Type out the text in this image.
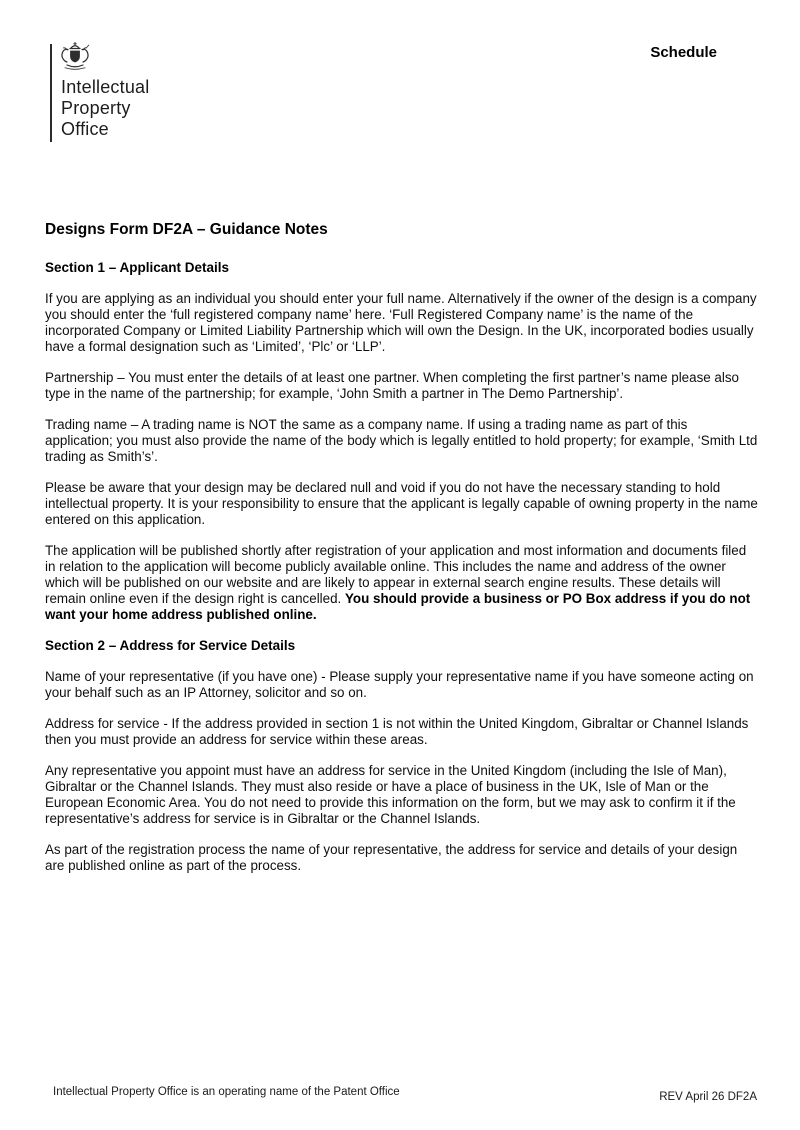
Intellectual
Property
Office
Schedule
Designs Form DF2A – Guidance Notes
Section 1 – Applicant Details

If you are applying as an individual you should enter your full name. Alternatively if the owner of the design is a company you should enter the ‘full registered company name’ here. ‘Full Registered Company name’ is the name of the incorporated Company or Limited Liability Partnership which will own the Design. In the UK, incorporated bodies usually have a formal designation such as ‘Limited’, ‘Plc’ or ‘LLP’.

Partnership – You must enter the details of at least one partner. When completing the first partner’s name please also type in the name of the partnership; for example, ‘John Smith a partner in The Demo Partnership’.

Trading name – A trading name is NOT the same as a company name. If using a trading name as part of this application; you must also provide the name of the body which is legally entitled to hold property; for example, ‘Smith Ltd trading as Smith’s’.

Please be aware that your design may be declared null and void if you do not have the necessary standing to hold intellectual property. It is your responsibility to ensure that the applicant is legally capable of owning property in the name entered on this application.

The application will be published shortly after registration of your application and most information and documents filed in relation to the application will become publicly available online. This includes the name and address of the owner which will be published on our website and are likely to appear in external search engine results. These details will remain online even if the design right is cancelled. You should provide a business or PO Box address if you do not want your home address published online.

Section 2 – Address for Service Details

Name of your representative (if you have one) - Please supply your representative name if you have someone acting on your behalf such as an IP Attorney, solicitor and so on.

Address for service - If the address provided in section 1 is not within the United Kingdom, Gibraltar or Channel Islands then you must provide an address for service within these areas.

Any representative you appoint must have an address for service in the United Kingdom (including the Isle of Man), Gibraltar or the Channel Islands. They must also reside or have a place of business in the UK, Isle of Man or the European Economic Area. You do not need to provide this information on the form, but we may ask to confirm it if the representative’s address for service is in Gibraltar or the Channel Islands.

As part of the registration process the name of your representative, the address for service and details of your design are published online as part of the process.

Intellectual Property Office is an operating name of the Patent Office	REV April 26 DF2A
